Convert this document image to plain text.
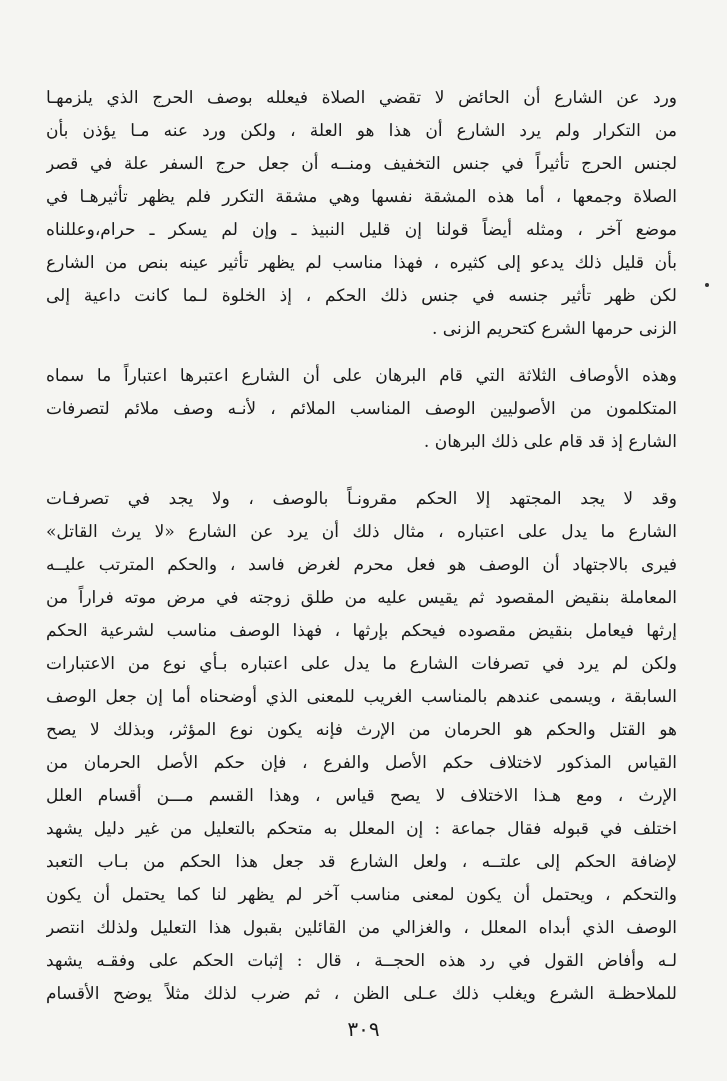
ورد عن الشارع أن الحائض لا تقضي الصلاة فيعلله بوصف الحرج الذي يلزمهـا
من التكرار ولم يرد الشارع أن هذا هو العلة ، ولكن ورد عنه مـا يؤذن بأن
لجنس الحرج تأثيراً في جنس التخفيف ومنــه أن جعل حرج السفر علة في قصر
الصلاة وجمعها ، أما هذه المشقة نفسها وهي مشقة التكرر فلم يظهر تأثيرهـا في
موضع آخر ، ومثله أيضاً قولنا إن قليل النبيذ ـ وإن لم يسكر ـ حرام،وعللناه
بأن قليل ذلك يدعو إلى كثيره ، فهذا مناسب لم يظهر تأثير عينه بنص من الشارع
لكن ظهر تأثير جنسه في جنس ذلك الحكم ، إذ الخلوة لـما كانت داعية إلى
الزنى حرمها الشرع كتحريم الزنى .
وهذه الأوصاف الثلاثة التي قام البرهان على أن الشارع اعتبرها اعتباراً ما سماه
المتكلمون من الأصوليين الوصف المناسب الملائم ، لأنـه وصف ملائم لتصرفات
الشارع إذ قد قام على ذلك البرهان .
وقد لا يجد المجتهد إلا الحكم مقرونـاً بالوصف ، ولا يجد في تصرفـات
الشارع ما يدل على اعتباره ، مثال ذلك أن يرد عن الشارع «لا يرث القاتل»
فيرى بالاجتهاد أن الوصف هو فعل محرم لغرض فاسد ، والحكم المترتب عليــه
المعاملة بنقيض المقصود ثم يقيس عليه من طلق زوجته في مرض موته فراراً من
إرثها فيعامل بنقيض مقصوده فيحكم بإرثها ، فهذا الوصف مناسب لشرعية الحكم
ولكن لم يرد في تصرفات الشارع ما يدل على اعتباره بـأي نوع من الاعتبارات
السابقة ، ويسمى عندهم بالمناسب الغريب للمعنى الذي أوضحناه أما إن جعل الوصف
هو القتل والحكم هو الحرمان من الإرث فإنه يكون نوع المؤثر، وبذلك لا يصح
القياس المذكور لاختلاف حكم الأصل والفرع ، فإن حكم الأصل الحرمان من
الإرث ، ومع هـذا الاختلاف لا يصح قياس ، وهذا القسم مـــن أقسام العلل
اختلف في قبوله فقال جماعة : إن المعلل به متحكم بالتعليل من غير دليل يشهد
لإضافة الحكم إلى علتــه ، ولعل الشارع قد جعل هذا الحكم من بـاب التعبد
والتحكم ، ويحتمل أن يكون لمعنى مناسب آخر لم يظهر لنا كما يحتمل أن يكون
الوصف الذي أبداه المعلل ، والغزالي من القائلين بقبول هذا التعليل ولذلك انتصر
لـه وأفاض القول في رد هذه الحجــة ، قال : إثبات الحكم على وفقـه يشهد
للملاحظـة الشرع ويغلب ذلك عـلى الظن ، ثم ضرب لذلك مثلاً يوضح الأقسام
٣٠٩
